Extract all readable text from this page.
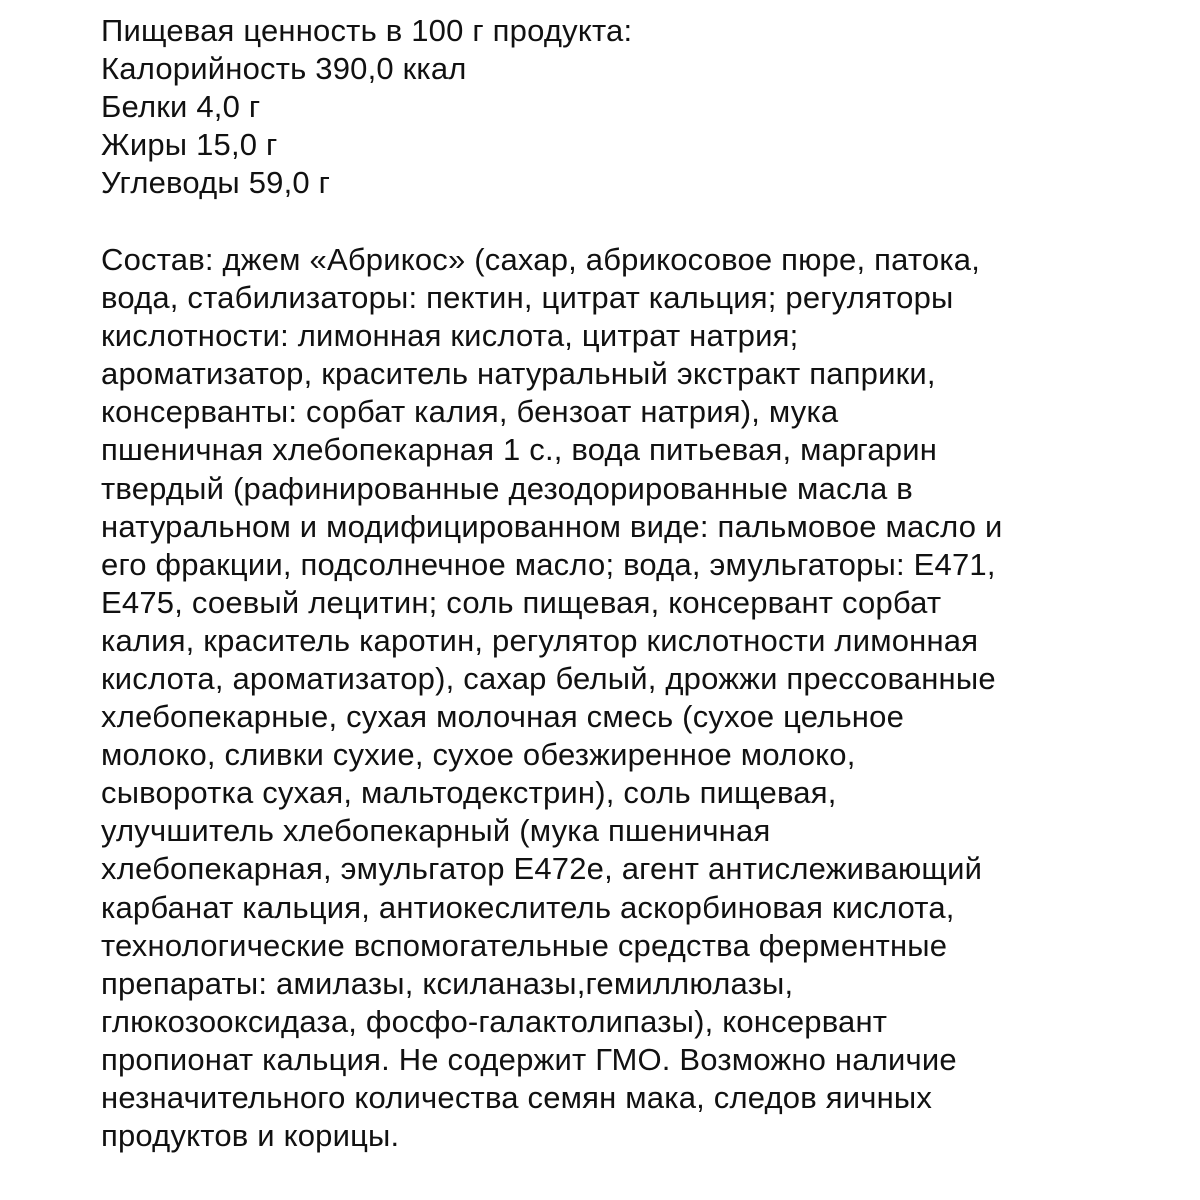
Пищевая ценность в 100 г продукта:
Калорийность 390,0 ккал
Белки 4,0 г
Жиры 15,0 г
Углеводы 59,0 г
Состав: джем «Абрикос» (сахар, абрикосовое пюре, патока,
вода, стабилизаторы: пектин, цитрат кальция; регуляторы
кислотности: лимонная кислота, цитрат натрия;
ароматизатор, краситель натуральный экстракт паприки,
консерванты: сорбат калия, бензоат натрия), мука
пшеничная хлебопекарная 1 с., вода питьевая, маргарин
твердый (рафинированные дезодорированные масла в
натуральном и модифицированном виде: пальмовое масло и
его фракции, подсолнечное масло; вода, эмульгаторы: Е471,
Е475, соевый лецитин; соль пищевая, консервант сорбат
калия, краситель каротин, регулятор кислотности лимонная
кислота, ароматизатор), сахар белый, дрожжи прессованные
хлебопекарные, сухая молочная смесь (сухое цельное
молоко, сливки сухие, сухое обезжиренное молоко,
сыворотка сухая, мальтодекстрин), соль пищевая,
улучшитель хлебопекарный (мука пшеничная
хлебопекарная, эмульгатор Е472е, агент антислеживающий
карбанат кальция, антиокеслитель аскорбиновая кислота,
технологические вспомогательные средства ферментные
препараты: амилазы, ксиланазы,гемиллюлазы,
глюкозооксидаза, фосфо-галактолипазы), консервант
пропионат кальция. Не содержит ГМО. Возможно наличие
незначительного количества семян мака, следов яичных
продуктов и корицы.
